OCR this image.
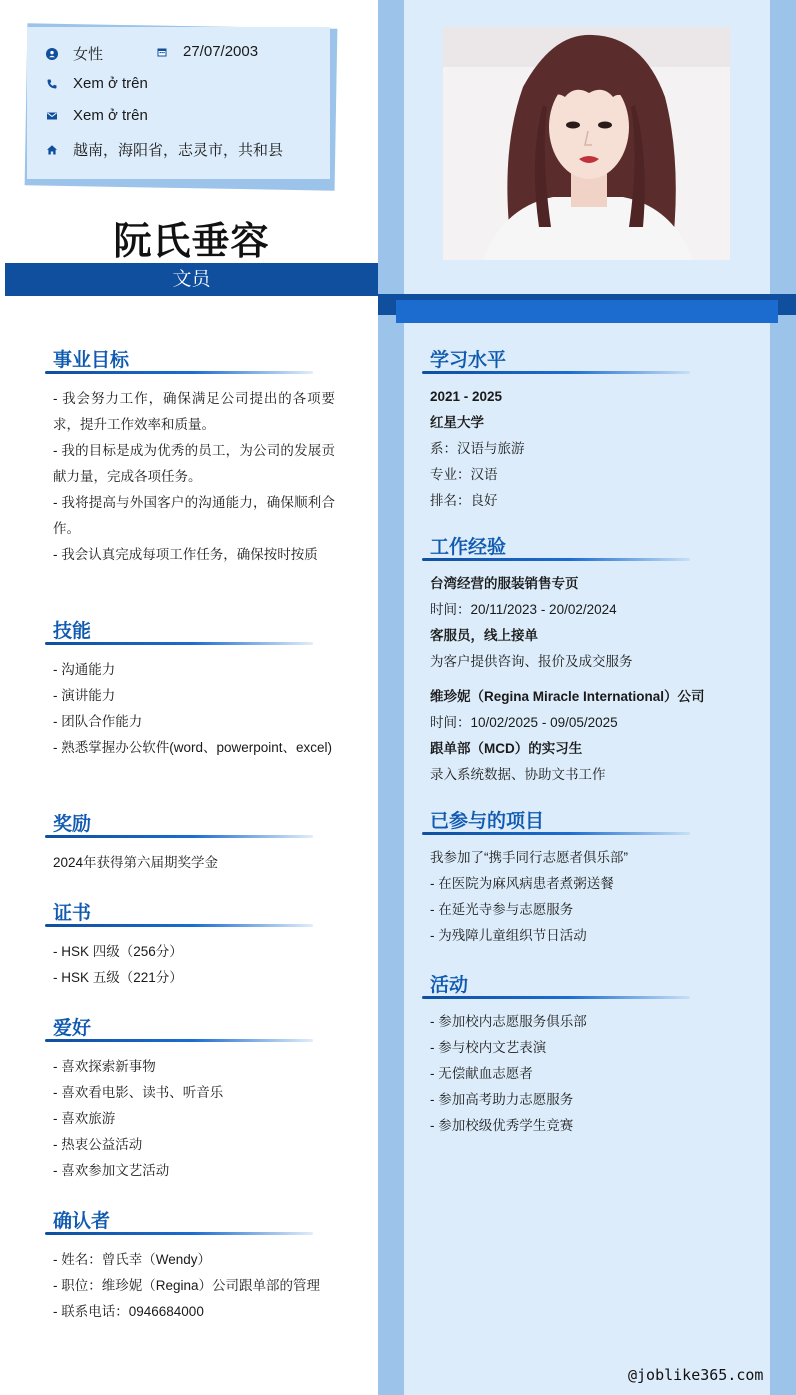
女性	27/07/2003
Xem ở trên
Xem ở trên
越南，海阳省，志灵市，共和县
阮氏垂容
文员
事业目标

- 我会努力工作，确保满足公司提出的各项要求，提升工作效率和质量。

- 我的目标是成为优秀的员工，为公司的发展贡献力量，完成各项任务。

- 我将提高与外国客户的沟通能力，确保顺利合作。

- 我会认真完成每项工作任务，确保按时按质

技能

- 沟通能力

- 演讲能力

- 团队合作能力

- 熟悉掌握办公软件(word、powerpoint、excel)

奖励

2024年获得第六届期奖学金

证书

- HSK 四级（256分）

- HSK 五级（221分）

爱好

- 喜欢探索新事物

- 喜欢看电影、读书、听音乐

- 喜欢旅游

- 热衷公益活动

- 喜欢参加文艺活动

确认者

- 姓名：曾氏幸（Wendy）

- 职位：维珍妮（Regina）公司跟单部的管理

- 联系电话：0946684000

学习水平

2021 - 2025

红星大学

系：汉语与旅游

专业：汉语

排名：良好

工作经验

台湾经营的服装销售专页

时间：20/11/2023 - 20/02/2024

客服员，线上接单

为客户提供咨询、报价及成交服务

维珍妮（Regina Miracle International）公司

时间：10/02/2025 - 09/05/2025

跟单部（MCD）的实习生

录入系统数据、协助文书工作

已参与的项目

我参加了“携手同行志愿者俱乐部”

- 在医院为麻风病患者煮粥送餐

- 在延光寺参与志愿服务

- 为残障儿童组织节日活动

活动

- 参加校内志愿服务俱乐部

- 参与校内文艺表演

- 无偿献血志愿者

- 参加高考助力志愿服务

- 参加校级优秀学生竞赛

@joblike365.com
